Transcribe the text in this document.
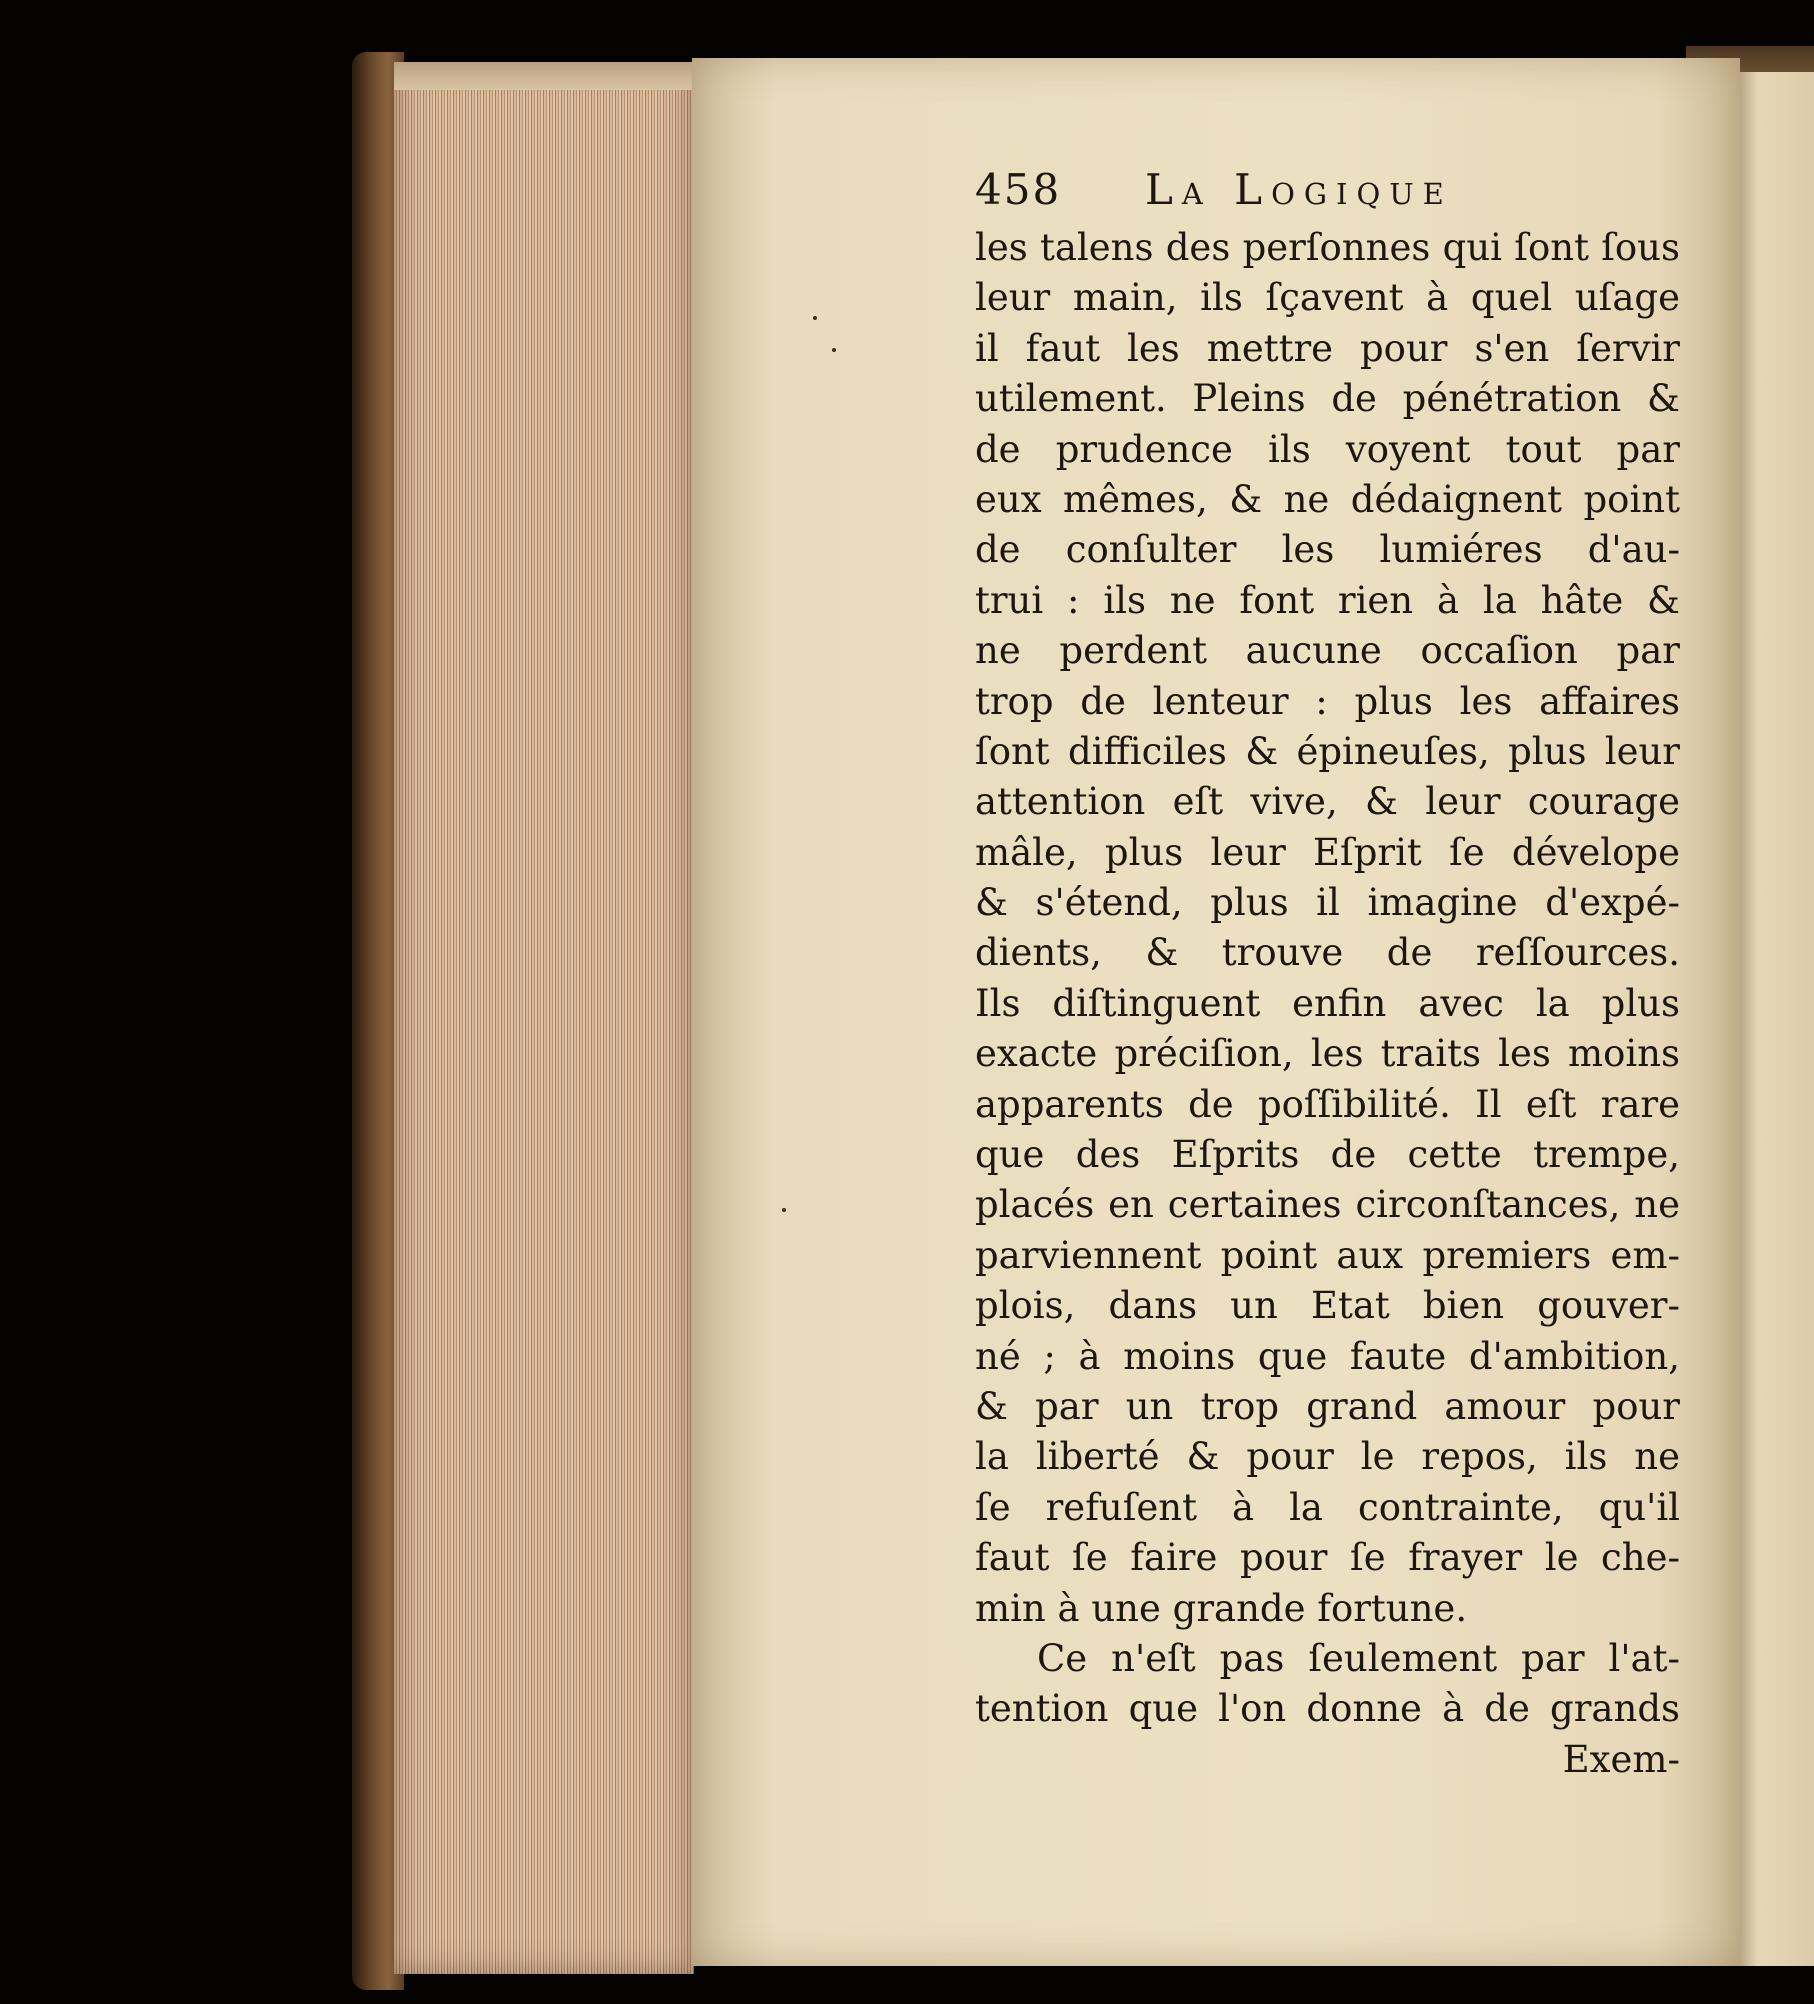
458 La Logique
les talens des perſonnes qui ſont ſous
leur main, ils ſçavent à quel uſage
il faut les mettre pour s'en ſervir
utilement. Pleins de pénétration &
de prudence ils voyent tout par
eux mêmes, & ne dédaignent point
de conſulter les lumiéres d'au-
trui : ils ne font rien à la hâte &
ne perdent aucune occaſion par
trop de lenteur : plus les affaires
ſont difficiles & épineuſes, plus leur
attention eſt vive, & leur courage
mâle, plus leur Eſprit ſe dévelope
& s'étend, plus il imagine d'expé-
dients, & trouve de reſſources.
Ils diſtinguent enfin avec la plus
exacte préciſion, les traits les moins
apparents de poſſibilité. Il eſt rare
que des Eſprits de cette trempe,
placés en certaines circonſtances, ne
parviennent point aux premiers em-
plois, dans un Etat bien gouver-
né ; à moins que faute d'ambition,
& par un trop grand amour pour
la liberté & pour le repos, ils ne
ſe refuſent à la contrainte, qu'il
faut ſe faire pour ſe frayer le che-
min à une grande fortune.
Ce n'eſt pas ſeulement par l'at-
tention que l'on donne à de grands
Exem-
